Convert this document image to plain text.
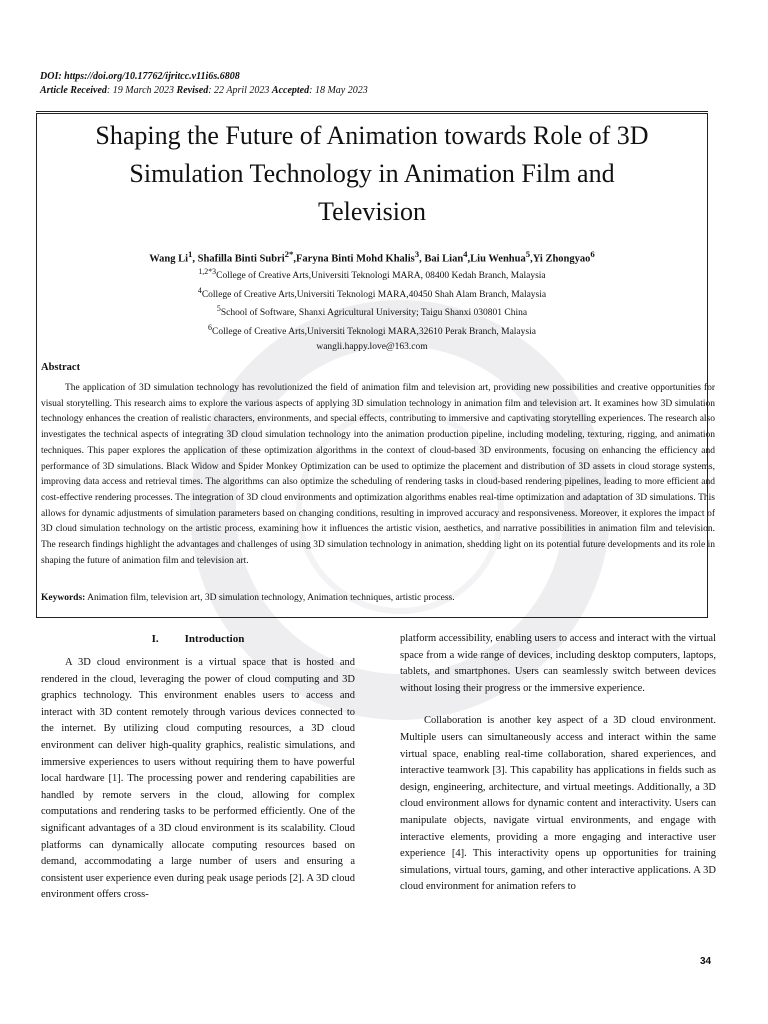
DOI: https://doi.org/10.17762/ijritcc.v11i6s.6808
Article Received: 19 March 2023 Revised: 22 April 2023 Accepted: 18 May 2023
Shaping the Future of Animation towards Role of 3D
Simulation Technology in Animation Film and
Television
Wang Li$^1$, Shafilla Binti Subri$^{2*}$,Faryna Binti Mohd Khalis$^3$, Bai Lian$^4$,Liu Wenhua$^5$,Yi Zhongyao$^6$
$^{1,2*3}$College of Creative Arts,Universiti Teknologi MARA, 08400 Kedah Branch, Malaysia
$^4$College of Creative Arts,Universiti Teknologi MARA,40450 Shah Alam Branch, Malaysia
$^5$School of Software, Shanxi Agricultural University; Taigu Shanxi 030801 China
$^6$College of Creative Arts,Universiti Teknologi MARA,32610 Perak Branch, Malaysia
wangli.happy.love@163.com
Abstract
The application of 3D simulation technology has revolutionized the field of animation film and television art, providing new possibilities and creative opportunities for visual storytelling. This research aims to explore the various aspects of applying 3D simulation technology in animation film and television art. It examines how 3D simulation technology enhances the creation of realistic characters, environments, and special effects, contributing to immersive and captivating storytelling experiences. The research also investigates the technical aspects of integrating 3D cloud simulation technology into the animation production pipeline, including modeling, texturing, rigging, and animation techniques. This paper explores the application of these optimization algorithms in the context of cloud-based 3D environments, focusing on enhancing the efficiency and performance of 3D simulations. Black Widow and Spider Monkey Optimization can be used to optimize the placement and distribution of 3D assets in cloud storage systems, improving data access and retrieval times. The algorithms can also optimize the scheduling of rendering tasks in cloud-based rendering pipelines, leading to more efficient and cost-effective rendering processes. The integration of 3D cloud environments and optimization algorithms enables real-time optimization and adaptation of 3D simulations. This allows for dynamic adjustments of simulation parameters based on changing conditions, resulting in improved accuracy and responsiveness. Moreover, it explores the impact of 3D cloud simulation technology on the artistic process, examining how it influences the artistic vision, aesthetics, and narrative possibilities in animation film and television. The research findings highlight the advantages and challenges of using 3D simulation technology in animation, shedding light on its potential future developments and its role in shaping the future of animation film and television art.
Keywords: Animation film, television art, 3D simulation technology, Animation techniques, artistic process.
I. Introduction

A 3D cloud environment is a virtual space that is hosted and rendered in the cloud, leveraging the power of cloud computing and 3D graphics technology. This environment enables users to access and interact with 3D content remotely through various devices connected to the internet. By utilizing cloud computing resources, a 3D cloud environment can deliver high-quality graphics, realistic simulations, and immersive experiences to users without requiring them to have powerful local hardware [1]. The processing power and rendering capabilities are handled by remote servers in the cloud, allowing for complex computations and rendering tasks to be performed efficiently. One of the significant advantages of a 3D cloud environment is its scalability. Cloud platforms can dynamically allocate computing resources based on demand, accommodating a large number of users and ensuring a consistent user experience even during peak usage periods [2]. A 3D cloud environment offers cross-

platform accessibility, enabling users to access and interact with the virtual space from a wide range of devices, including desktop computers, laptops, tablets, and smartphones. Users can seamlessly switch between devices without losing their progress or the immersive experience.

Collaboration is another key aspect of a 3D cloud environment. Multiple users can simultaneously access and interact within the same virtual space, enabling real-time collaboration, shared experiences, and interactive teamwork [3]. This capability has applications in fields such as design, engineering, architecture, and virtual meetings. Additionally, a 3D cloud environment allows for dynamic content and interactivity. Users can manipulate objects, navigate virtual environments, and engage with interactive elements, providing a more engaging and interactive user experience [4]. This interactivity opens up opportunities for training simulations, virtual tours, gaming, and other interactive applications. A 3D cloud environment for animation refers to

34
